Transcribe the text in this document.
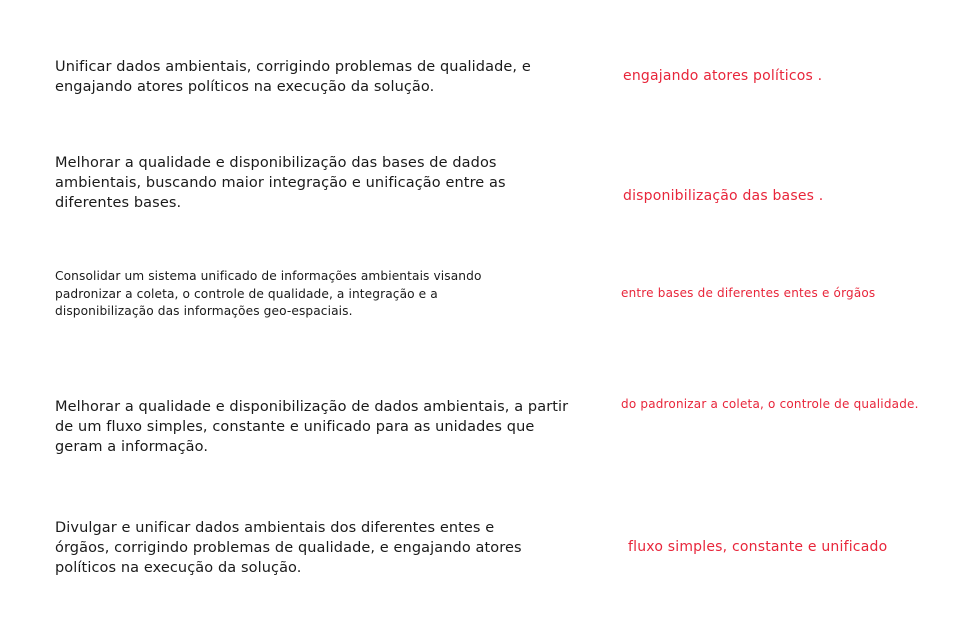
Unificar dados ambientais, corrigindo problemas de qualidade, e
engajando atores políticos na execução da solução.
engajando atores políticos .
Melhorar a qualidade e disponibilização das bases de dados
ambientais, buscando maior integração e unificação entre as
diferentes bases.	disponibilização das bases .
Consolidar um sistema unificado de informações ambientais visando
padronizar a coleta, o controle de qualidade, a integração e a
disponibilização das informações geo-espaciais.
entre bases de diferentes entes e órgãos
Melhorar a qualidade e disponibilização de dados ambientais, a partir
de um fluxo simples, constante e unificado para as unidades que
geram a informação.
do padronizar a coleta, o controle de qualidade.
Divulgar e unificar dados ambientais dos diferentes entes e
órgãos, corrigindo problemas de qualidade, e engajando atores
políticos na execução da solução.
fluxo simples, constante e unificado
